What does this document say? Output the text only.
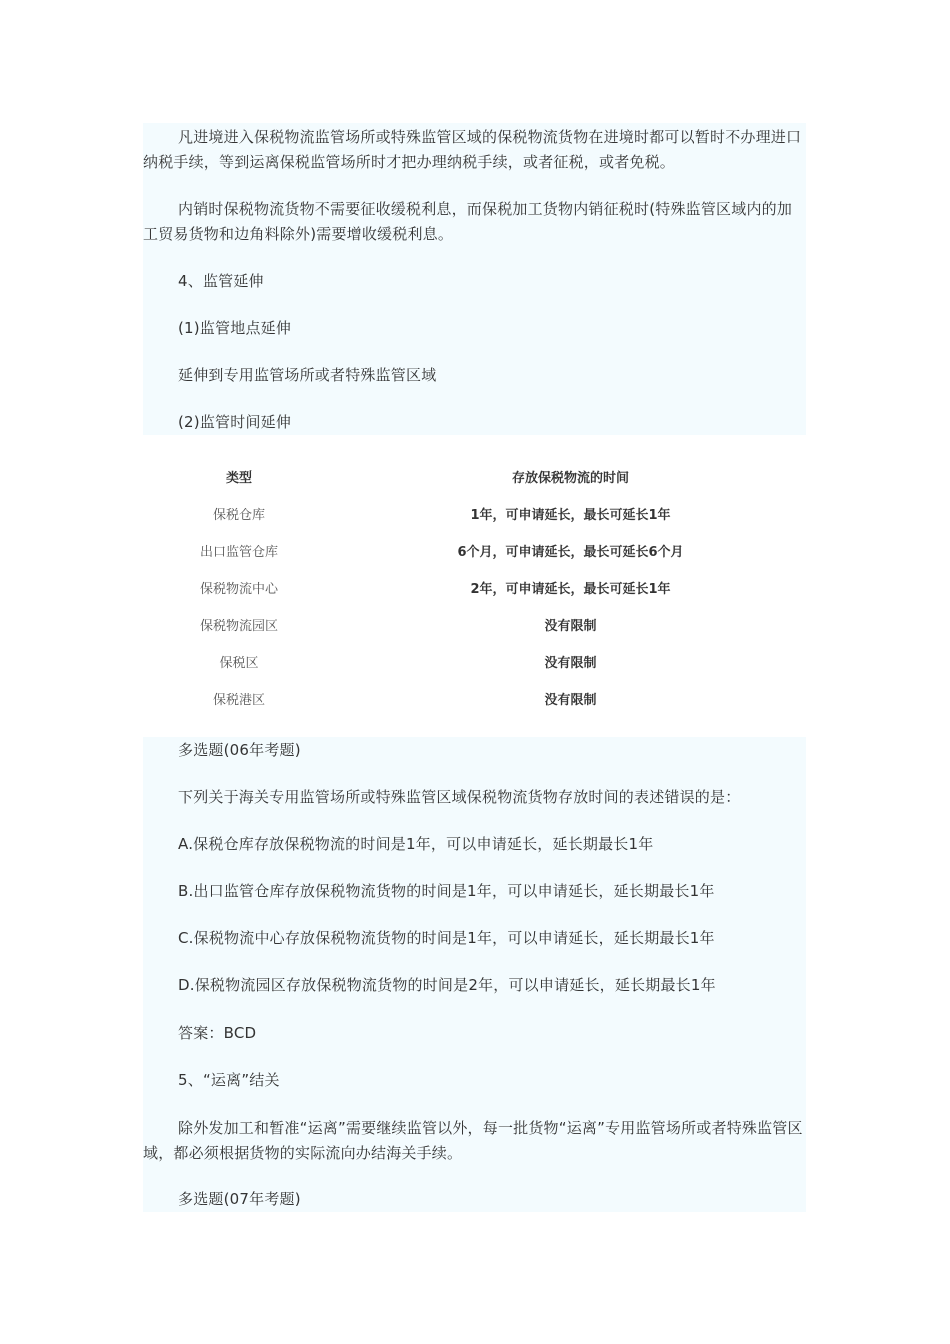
凡进境进入保税物流监管场所或特殊监管区域的保税物流货物在进境时都可以暂时不办理进口纳税手续，等到运离保税监管场所时才把办理纳税手续，或者征税，或者免税。

内销时保税物流货物不需要征收缓税利息，而保税加工货物内销征税时(特殊监管区域内的加工贸易货物和边角料除外)需要增收缓税利息。

4、监管延伸

(1)监管地点延伸

延伸到专用监管场所或者特殊监管区域

(2)监管时间延伸

类型	存放保税物流的时间
保税仓库	1年，可申请延长，最长可延长1年
出口监管仓库	6个月，可申请延长，最长可延长6个月
保税物流中心	2年，可申请延长，最长可延长1年
保税物流园区	没有限制
保税区	没有限制
保税港区	没有限制

多选题(06年考题)

下列关于海关专用监管场所或特殊监管区域保税物流货物存放时间的表述错误的是：

A.保税仓库存放保税物流的时间是1年，可以申请延长，延长期最长1年

B.出口监管仓库存放保税物流货物的时间是1年，可以申请延长，延长期最长1年

C.保税物流中心存放保税物流货物的时间是1年，可以申请延长，延长期最长1年

D.保税物流园区存放保税物流货物的时间是2年，可以申请延长，延长期最长1年

答案：BCD

5、“运离”结关

除外发加工和暂准“运离”需要继续监管以外，每一批货物“运离”专用监管场所或者特殊监管区域，都必须根据货物的实际流向办结海关手续。

多选题(07年考题)
